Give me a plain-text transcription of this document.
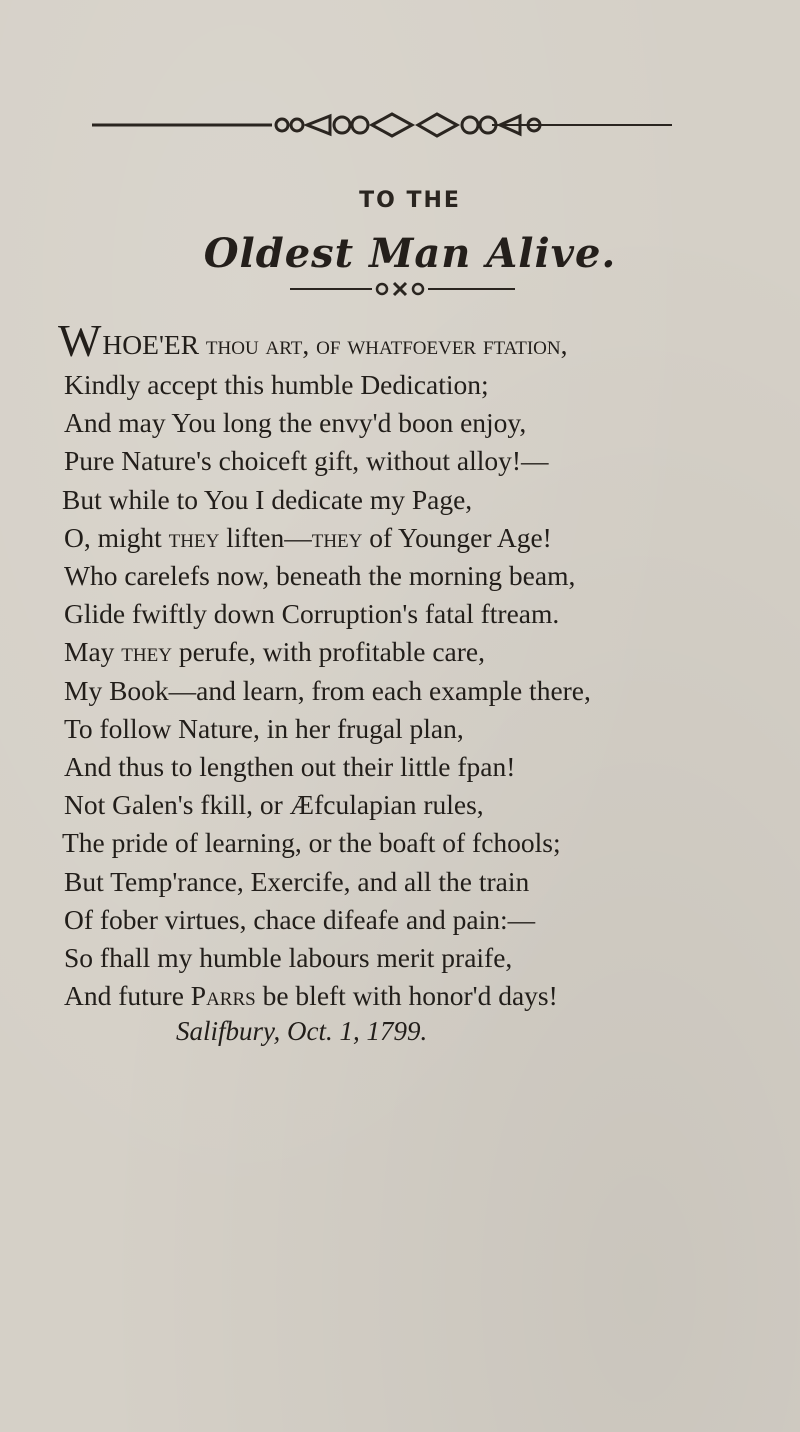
TO THE
Oldest Man Alive.
WHOE'ER thou art, of whatfoever ftation,
Kindly accept this humble Dedication;
And may You long the envy'd boon enjoy,
Pure Nature's choiceft gift, without alloy!—
But while to You I dedicate my Page,
O, might they liften—they of Younger Age!
Who carelefs now, beneath the morning beam,
Glide fwiftly down Corruption's fatal ftream.
May they perufe, with profitable care,
My Book—and learn, from each example there,
To follow Nature, in her frugal plan,
And thus to lengthen out their little fpan!
Not Galen's fkill, or Æfculapian rules,
The pride of learning, or the boaft of fchools;
But Temp'rance, Exercife, and all the train
Of fober virtues, chace difeafe and pain:—
So fhall my humble labours merit praife,
And future Parrs be bleft with honor'd days!
Salifbury, Oct. 1, 1799.
